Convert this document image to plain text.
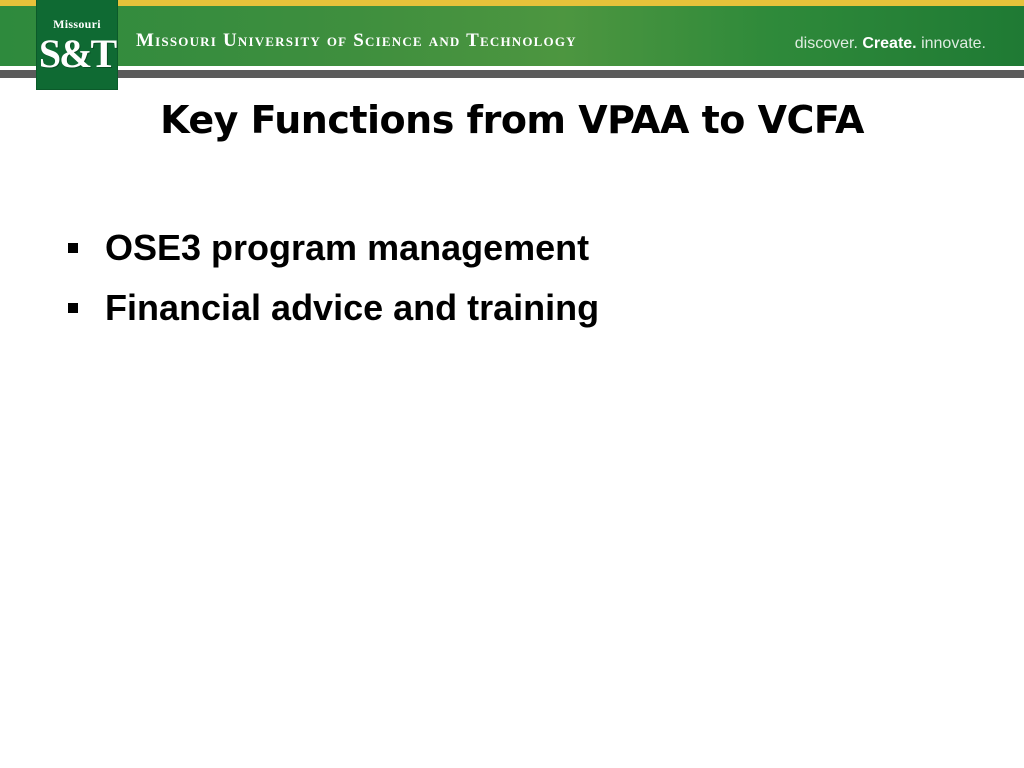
Missouri
S&T Missouri University of Science and Technology	discover. Create. innovate.
Key Functions from VPAA to VCFA
OSE3 program management
Financial advice and training
